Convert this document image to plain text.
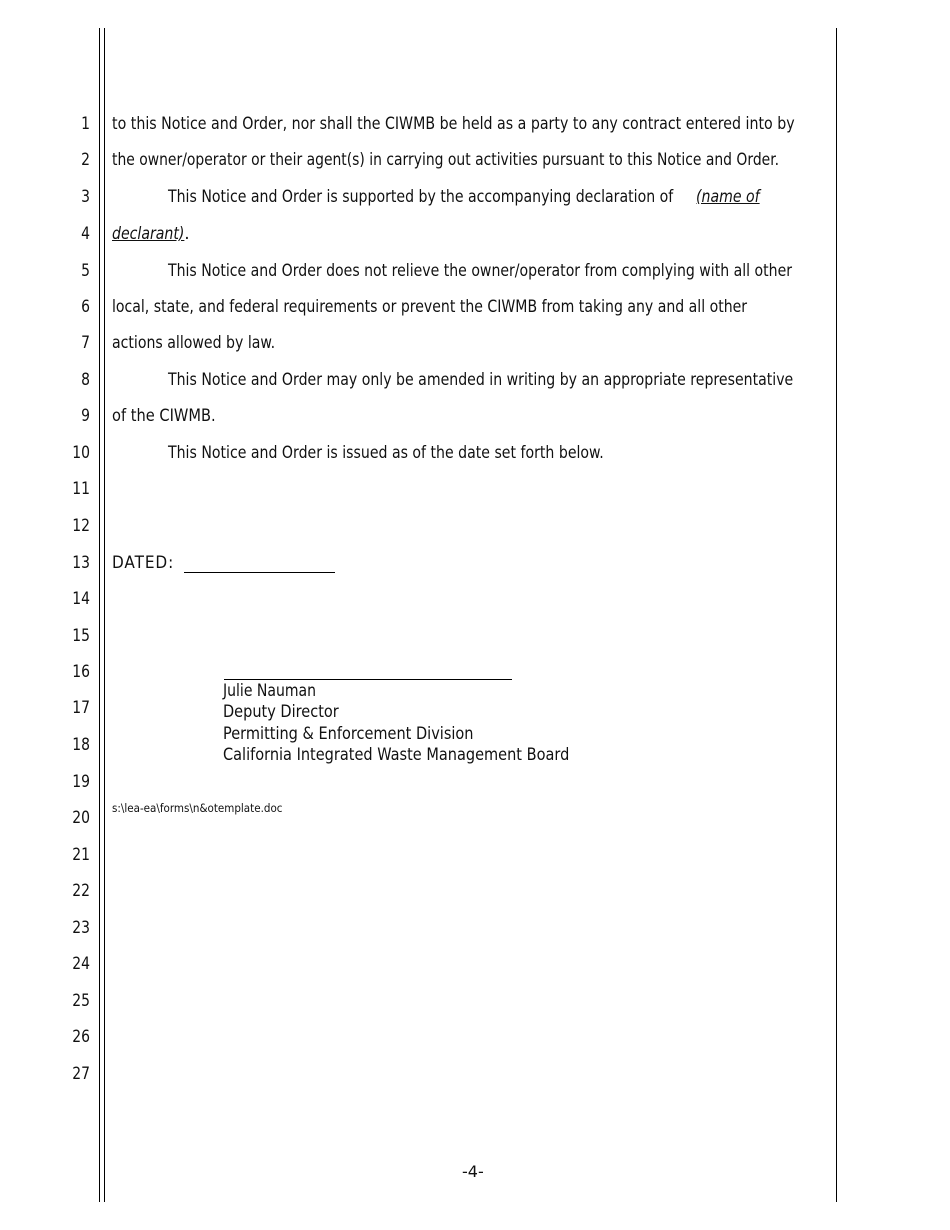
1
2
3
4
5
6
7
8
9
10
11
12
13
14
15
16
17
18
19
20
21
22
23
24
25
26
27
to this Notice and Order, nor shall the CIWMB be held as a party to any contract entered into by
the owner/operator or their agent(s) in carrying out activities pursuant to this Notice and Order.
This Notice and Order is supported by the accompanying declaration of (name of
declarant).
This Notice and Order does not relieve the owner/operator from complying with all other
local, state, and federal requirements or prevent the CIWMB from taking any and all other
actions allowed by law.
This Notice and Order may only be amended in writing by an appropriate representative
of the CIWMB.
This Notice and Order is issued as of the date set forth below.
DATED:
Julie Nauman
Deputy Director
Permitting & Enforcement Division
California Integrated Waste Management Board
s:\lea-ea\forms\n&otemplate.doc
-4-
